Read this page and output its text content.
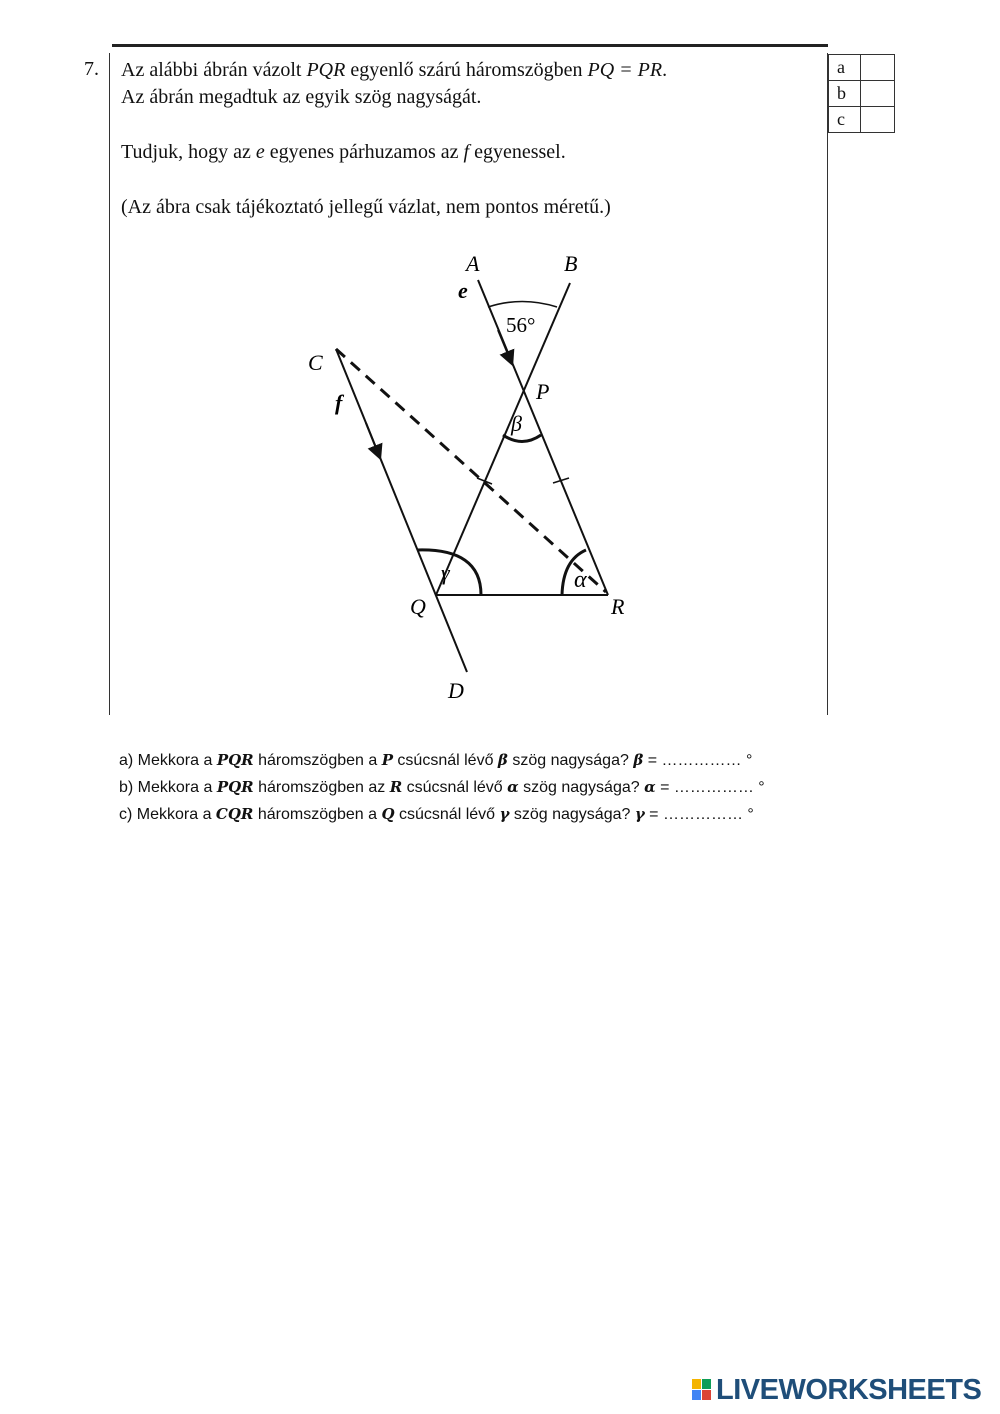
7. Az alábbi ábrán vázolt PQR egyenlő szárú háromszögben PQ = PR.
Az ábrán megadtuk az egyik szög nagyságát.
Tudjuk, hogy az e egyenes párhuzamos az f egyenessel.
(Az ábra csak tájékoztató jellegű vázlat, nem pontos méretű.)
a	
b	
c	
A	B
C
D
P
Q	R
e
f
56°
β
γ	α
a) Mekkora a PQR háromszögben a P csúcsnál lévő β szög nagysága? β = …………… °
b) Mekkora a PQR háromszögben az R csúcsnál lévő α szög nagysága? α = …………… °
c) Mekkora a CQR háromszögben a Q csúcsnál lévő γ szög nagysága? γ = …………… °
LIVEWORKSHEETS
